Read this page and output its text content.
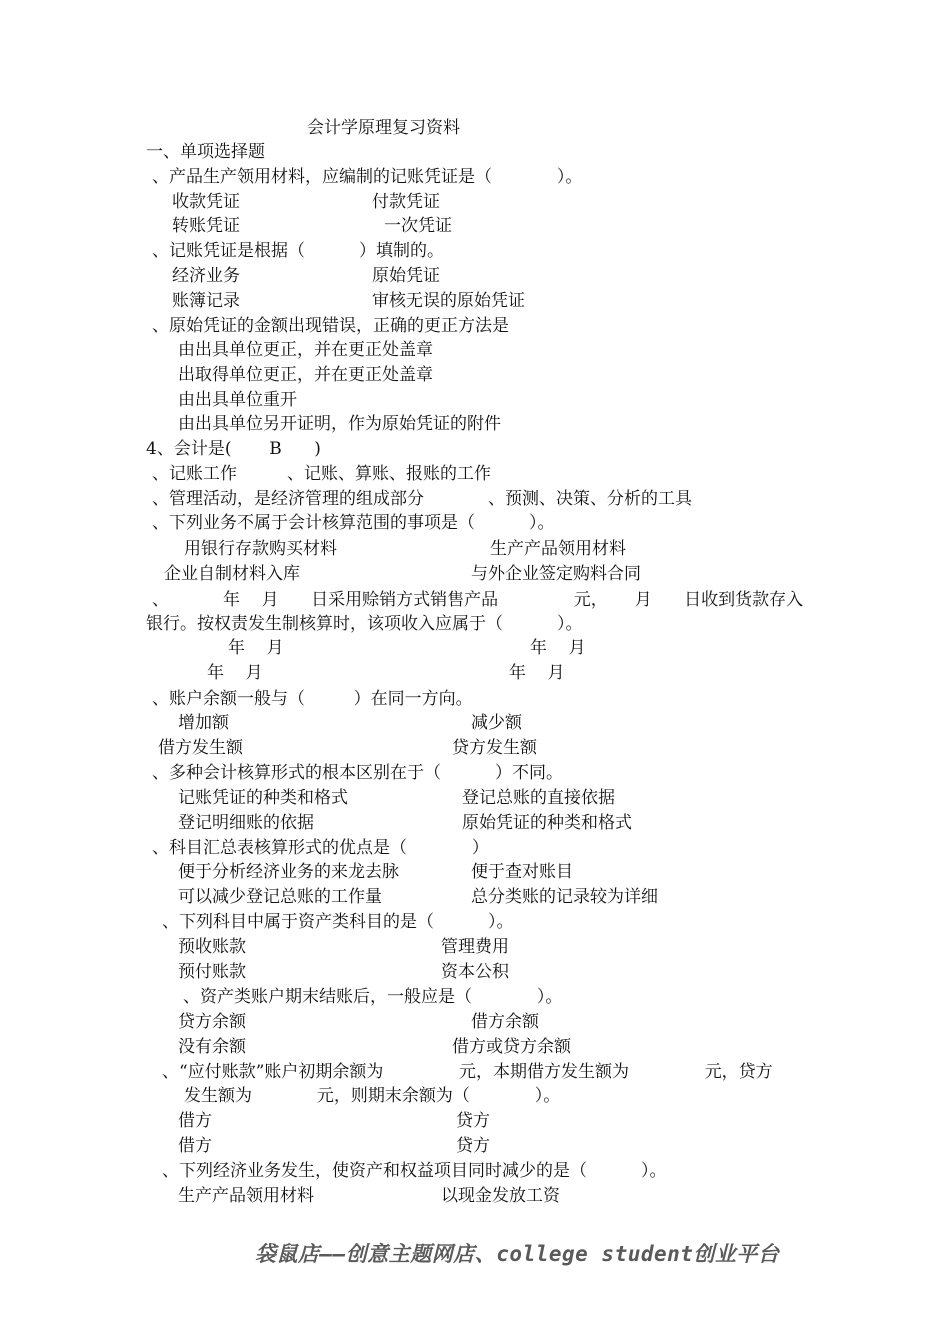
会计学原理复习资料
一、单项选择题
、产品生产领用材料，应编制的记账凭证是（            ）。
收款凭证	付款凭证
转账凭证	一次凭证
、记账凭证是根据（          ）填制的。
经济业务	原始凭证
账簿记录	审核无误的原始凭证
、原始凭证的金额出现错误，正确的更正方法是
由出具单位更正，并在更正处盖章
出取得单位更正，并在更正处盖章
由出具单位重开
由出具单位另开证明，作为原始凭证的附件
4、会计是(       B      )
、记账工作	、记账、算账、报账的工作
、管理活动，是经济管理的组成部分	、预测、决策、分析的工具
、下列业务不属于会计核算范围的事项是（          ）。
用银行存款购买材料	生产产品领用材料
企业自制材料入库	与外企业签定购料合同
、          年    月      日采用赊销方式销售产品              元，     月      日收到货款存入
银行。按权责发生制核算时，该项收入应属于（          ）。
年    月	年    月
年    月	年    月
、账户余额一般与（         ）在同一方向。
增加额	减少额
借方发生额	贷方发生额
、多种会计核算形式的根本区别在于（          ）不同。
记账凭证的种类和格式	登记总账的直接依据
登记明细账的依据	原始凭证的种类和格式
、科目汇总表核算形式的优点是（            ）
便于分析经济业务的来龙去脉	便于查对账目
可以减少登记总账的工作量	总分类账的记录较为详细
、下列科目中属于资产类科目的是（          ）。
预收账款	管理费用
预付账款	资本公积
、资产类账户期末结账后，一般应是（            ）。
贷方余额	借方余额
没有余额	借方或贷方余额
、“应付账款”账户初期余额为              元，本期借方发生额为              元，贷方
发生额为            元，则期末余额为（            ）。
借方	贷方
借方	贷方
、下列经济业务发生，使资产和权益项目同时减少的是（          ）。
生产产品领用材料	以现金发放工资
袋鼠店——创意主题网店、college student创业平台
